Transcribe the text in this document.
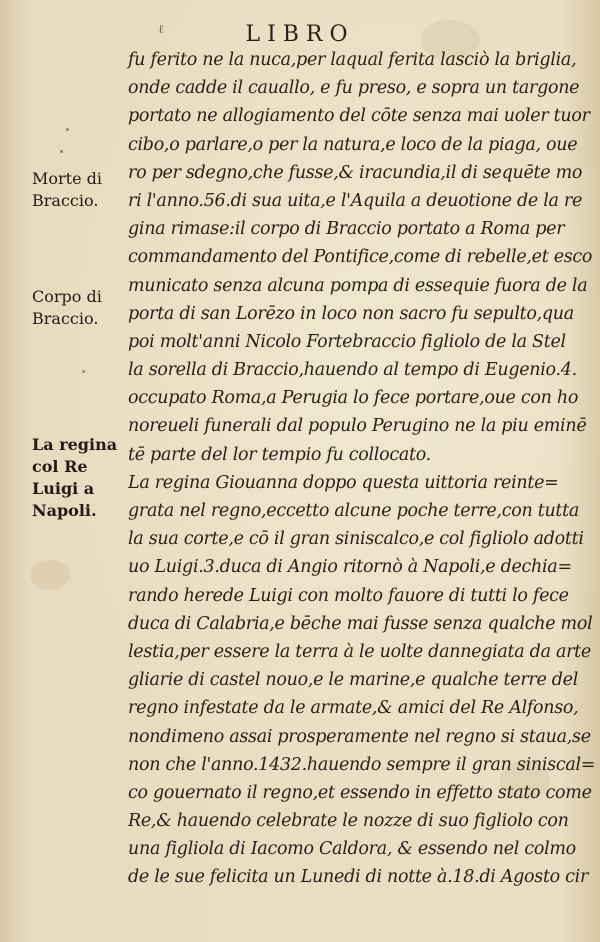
ℓ	LIBRO
Morte di Braccio.
Corpo di Braccio.
La regina col Re Luigi a Napoli.
fu ferito ne la nuca,per laqual ferita lasciò la briglia,
onde cadde il cauallo, e fu preso, e sopra un targone
portato ne allogiamento del cōte senza mai uoler tuor
cibo,o parlare,o per la natura,e loco de la piaga, oue
ro per sdegno,che fusse,& iracundia,il di sequēte mo
ri l'anno.56.di sua uita,e l'Aquila a deuotione de la re
gina rimase:il corpo di Braccio portato a Roma per
commandamento del Pontifice,come di rebelle,et esco
municato senza alcuna pompa di essequie fuora de la
porta di san Lorēzo in loco non sacro fu sepulto,qua
poi molt'anni Nicolo Fortebraccio figliolo de la Stel
la sorella di Braccio,hauendo al tempo di Eugenio.4.
occupato Roma,a Perugia lo fece portare,oue con ho
noreueli funerali dal populo Perugino ne la piu eminē
tē parte del lor tempio fu collocato.
La regina Giouanna doppo questa uittoria reinte=
grata nel regno,eccetto alcune poche terre,con tutta
la sua corte,e cō il gran siniscalco,e col figliolo adotti
uo Luigi.3.duca di Angio ritornò à Napoli,e dechia=
rando herede Luigi con molto fauore di tutti lo fece
duca di Calabria,e bēche mai fusse senza qualche mol
lestia,per essere la terra à le uolte dannegiata da arte
gliarie di castel nouo,e le marine,e qualche terre del
regno infestate da le armate,& amici del Re Alfonso,
nondimeno assai prosperamente nel regno si staua,se
non che l'anno.1432.hauendo sempre il gran siniscal=
co gouernato il regno,et essendo in effetto stato come
Re,& hauendo celebrate le nozze di suo figliolo con
una figliola di Iacomo Caldora, & essendo nel colmo
de le sue felicita un Lunedi di notte à.18.di Agosto cir
